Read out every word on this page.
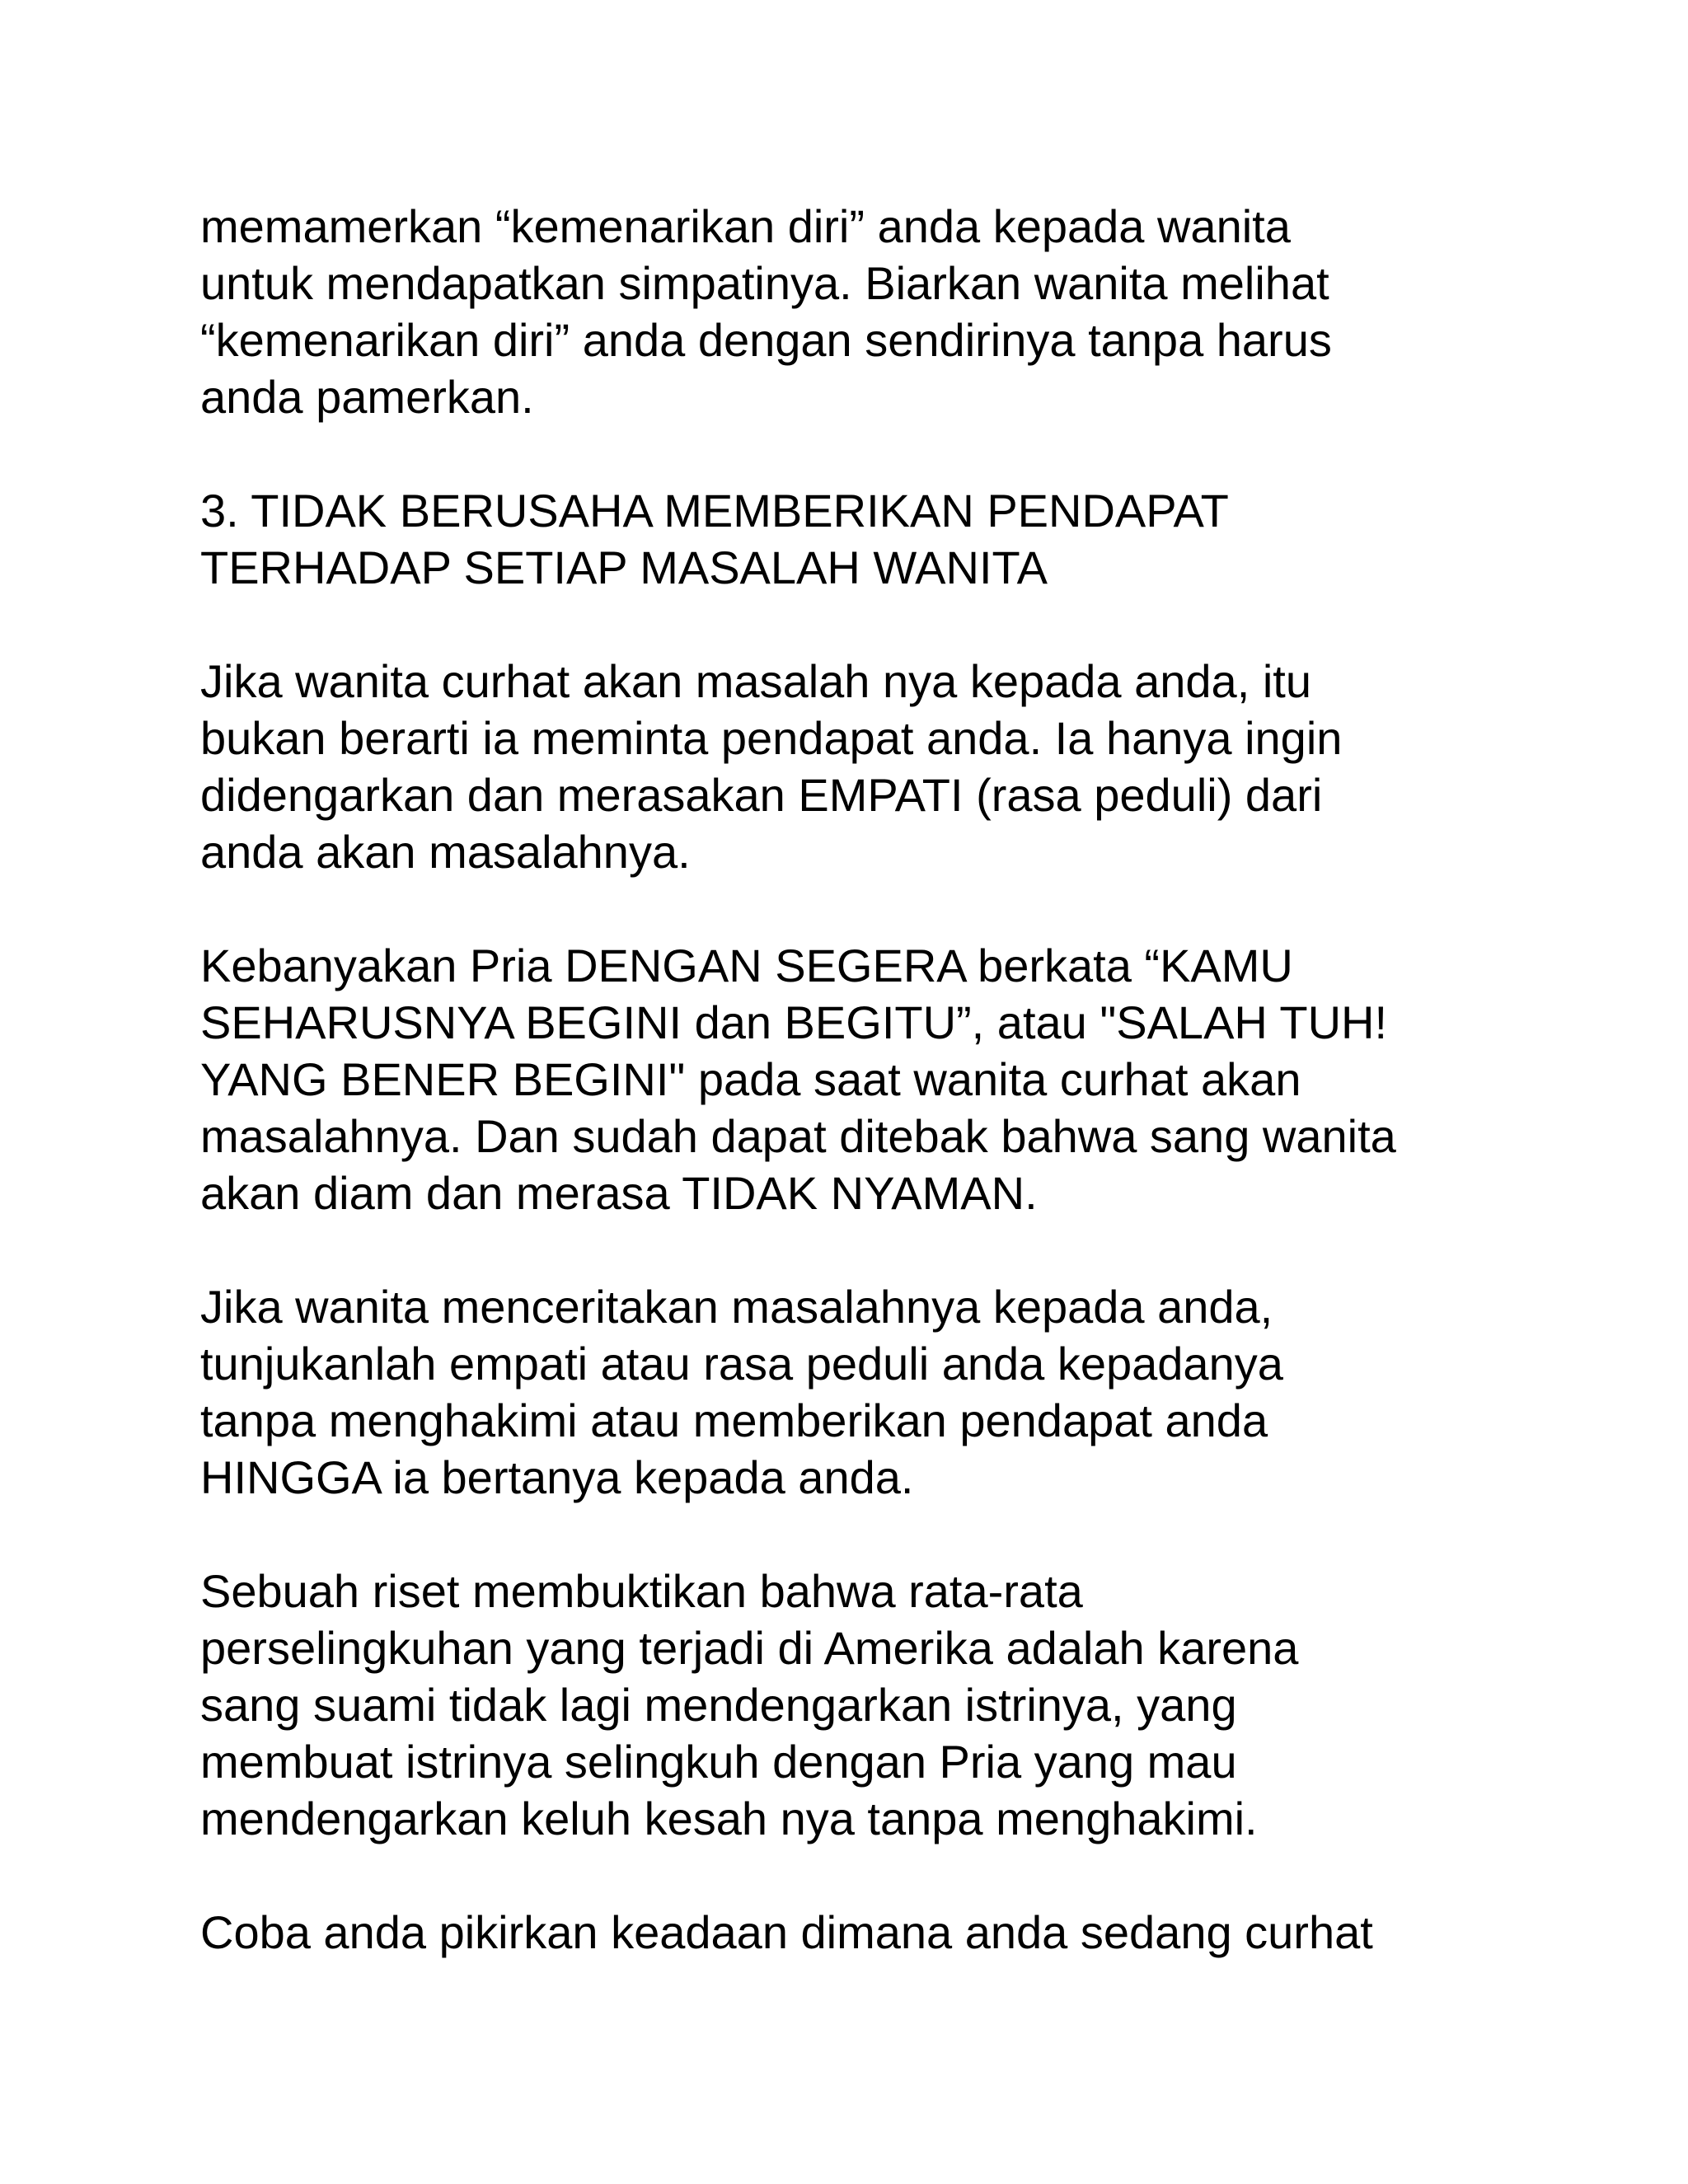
memamerkan “kemenarikan diri” anda kepada wanita
untuk mendapatkan simpatinya. Biarkan wanita melihat
“kemenarikan diri” anda dengan sendirinya tanpa harus
anda pamerkan.
3. TIDAK BERUSAHA MEMBERIKAN PENDAPAT
TERHADAP SETIAP MASALAH WANITA
Jika wanita curhat akan masalah nya kepada anda, itu
bukan berarti ia meminta pendapat anda. Ia hanya ingin
didengarkan dan merasakan EMPATI (rasa peduli) dari
anda akan masalahnya.
Kebanyakan Pria DENGAN SEGERA berkata “KAMU
SEHARUSNYA BEGINI dan BEGITU”, atau "SALAH TUH!
YANG BENER BEGINI" pada saat wanita curhat akan
masalahnya. Dan sudah dapat ditebak bahwa sang wanita
akan diam dan merasa TIDAK NYAMAN.
Jika wanita menceritakan masalahnya kepada anda,
tunjukanlah empati atau rasa peduli anda kepadanya
tanpa menghakimi atau memberikan pendapat anda
HINGGA ia bertanya kepada anda.
Sebuah riset membuktikan bahwa rata-rata
perselingkuhan yang terjadi di Amerika adalah karena
sang suami tidak lagi mendengarkan istrinya, yang
membuat istrinya selingkuh dengan Pria yang mau
mendengarkan keluh kesah nya tanpa menghakimi.
Coba anda pikirkan keadaan dimana anda sedang curhat
